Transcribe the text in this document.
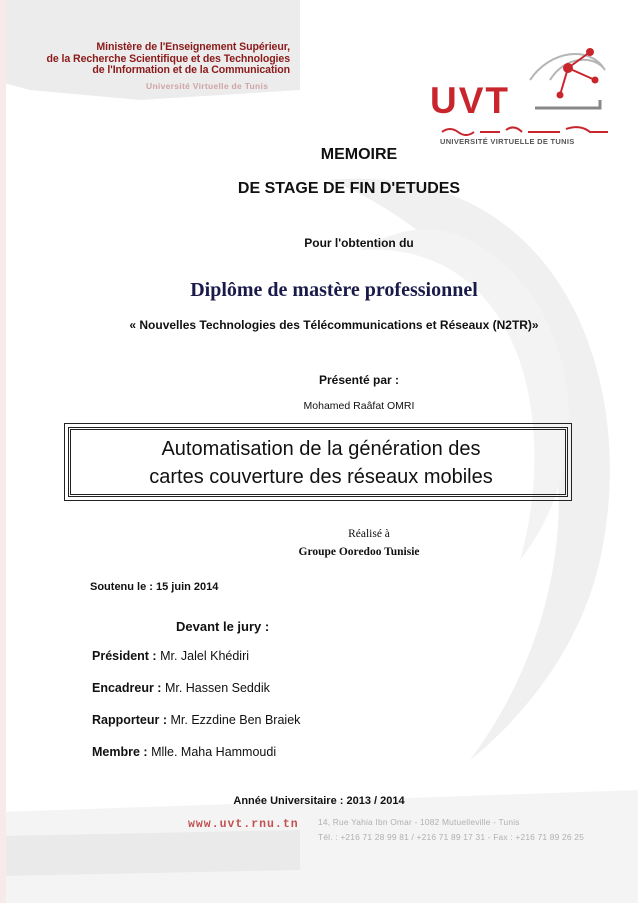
Ministère de l'Enseignement Supérieur,
de la Recherche Scientifique et des Technologies
de l'Information et de la Communication
Université Virtuelle de Tunis	UVT
UNIVERSITÉ VIRTUELLE DE TUNIS
MEMOIRE
DE STAGE DE FIN D'ETUDES
Pour l'obtention du
Diplôme de mastère professionnel
« Nouvelles Technologies des Télécommunications et Réseaux (N2TR)»
Présenté par :
Mohamed Raâfat OMRI
Automatisation de la génération des
cartes couverture des réseaux mobiles
Réalisé à
Groupe Ooredoo Tunisie
Soutenu le : 15 juin 2014
Devant le jury :
Président : Mr. Jalel Khédiri
Encadreur : Mr. Hassen Seddik
Rapporteur : Mr. Ezzdine Ben Braiek
Membre : Mlle. Maha Hammoudi
Année Universitaire : 2013 / 2014
www.uvt.rnu.tn 14, Rue Yahia Ibn Omar - 1082 Mutuelleville - Tunis
Tél. : +216 71 28 99 81 / +216 71 89 17 31 - Fax : +216 71 89 26 25
